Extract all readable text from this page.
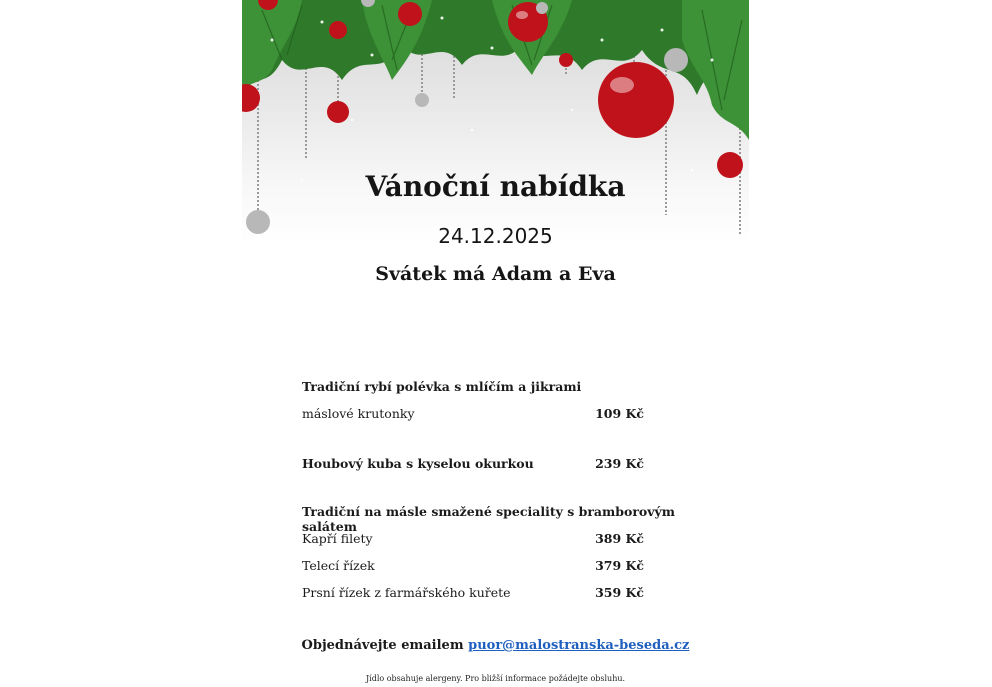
Vánoční nabídka
24.12.2025
Svátek má Adam a Eva
Tradiční rybí polévka s mlíčím a jikrami
máslové krutonky	109 Kč
Houbový kuba s kyselou okurkou	239 Kč
Tradiční na másle smažené speciality s bramborovým salátem
Kapří filety	389 Kč
Telecí řízek	379 Kč
Prsní řízek z farmářského kuřete	359 Kč
Objednávejte emailem puor@malostranska-beseda.cz
Jídlo obsahuje alergeny. Pro bližší informace požádejte obsluhu.
